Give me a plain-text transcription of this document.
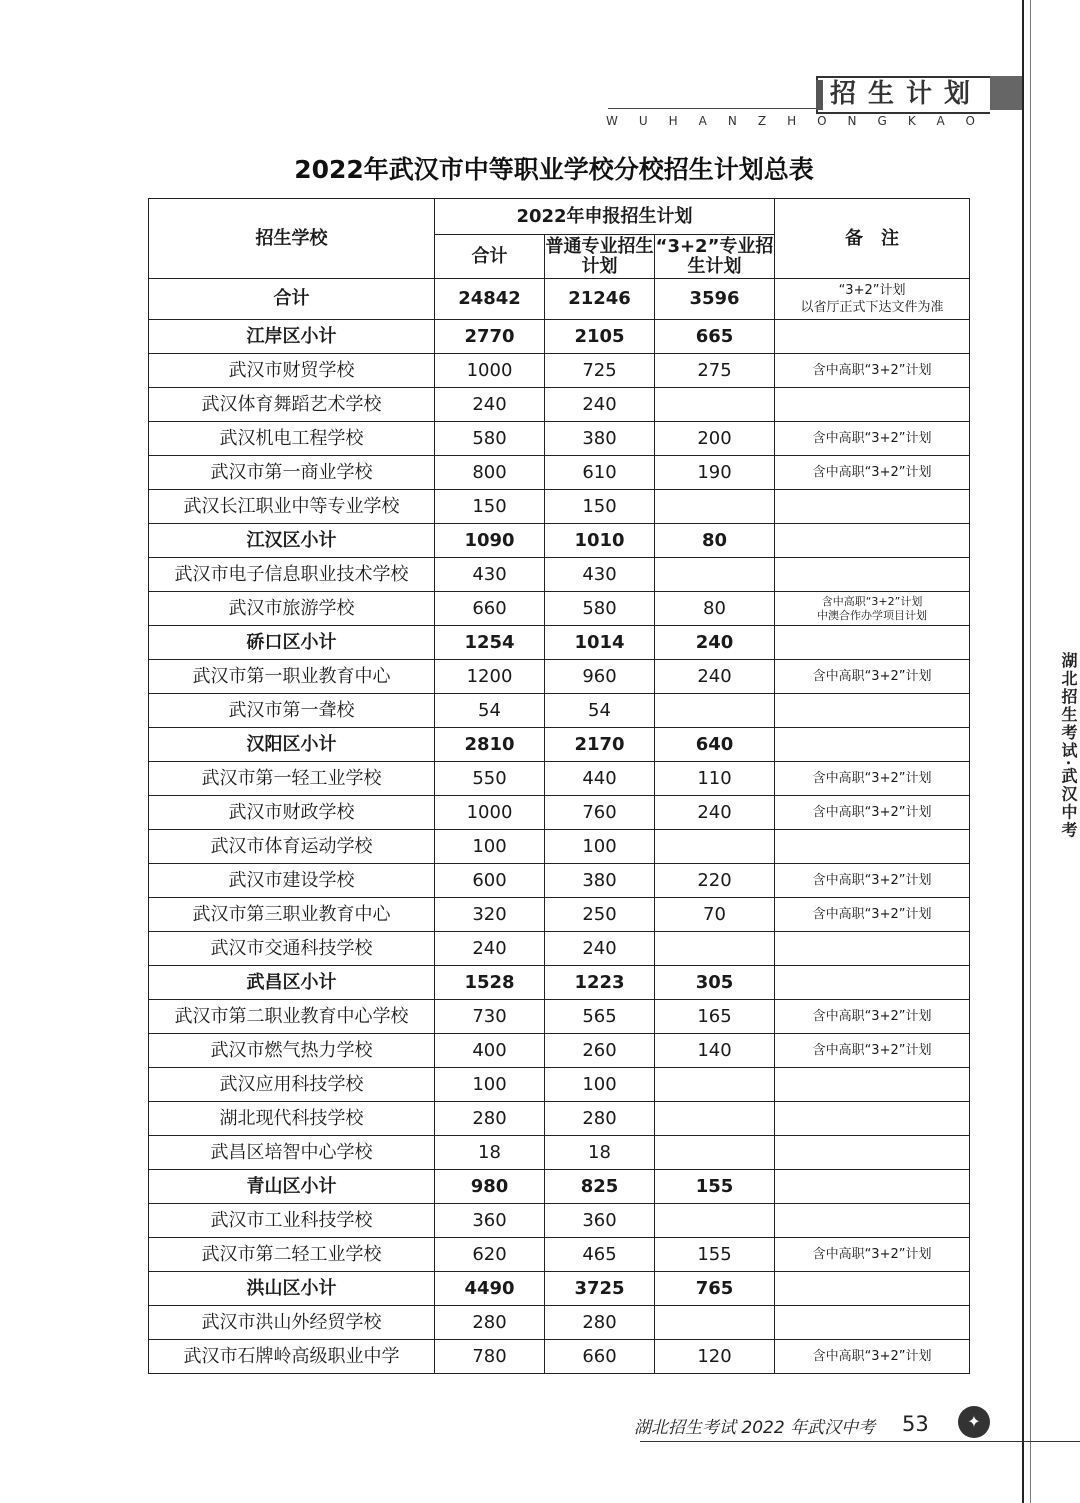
招生计划
WUHANZHONGKAO
2022年武汉市中等职业学校分校招生计划总表
招生学校	2022年申报招生计划			备　注
	合计	普通专业招生计划	“3+2”专业招生计划	
合计	24842	21246	3596	“3+2”计划
以省厅正式下达文件为准

江岸区小计	2770	2105	665	

武汉市财贸学校	1000	725	275	含中高职“3+2”计划

武汉体育舞蹈艺术学校	240	240		

武汉机电工程学校	580	380	200	含中高职“3+2”计划

武汉市第一商业学校	800	610	190	含中高职“3+2”计划

武汉长江职业中等专业学校	150	150		

江汉区小计	1090	1010	80	

武汉市电子信息职业技术学校	430	430		

武汉市旅游学校	660	580	80	含中高职“3+2”计划
中澳合作办学项目计划

硚口区小计	1254	1014	240	

武汉市第一职业教育中心	1200	960	240	含中高职“3+2”计划

武汉市第一聋校	54	54		

汉阳区小计	2810	2170	640	

武汉市第一轻工业学校	550	440	110	含中高职“3+2”计划

武汉市财政学校	1000	760	240	含中高职“3+2”计划

武汉市体育运动学校	100	100		

武汉市建设学校	600	380	220	含中高职“3+2”计划

武汉市第三职业教育中心	320	250	70	含中高职“3+2”计划

武汉市交通科技学校	240	240		

武昌区小计	1528	1223	305	

武汉市第二职业教育中心学校	730	565	165	含中高职“3+2”计划

武汉市燃气热力学校	400	260	140	含中高职“3+2”计划

武汉应用科技学校	100	100		

湖北现代科技学校	280	280		

武昌区培智中心学校	18	18		

青山区小计	980	825	155	

武汉市工业科技学校	360	360		

武汉市第二轻工业学校	620	465	155	含中高职“3+2”计划

洪山区小计	4490	3725	765	

武汉市洪山外经贸学校	280	280		

武汉市石牌岭高级职业中学	780	660	120	含中高职“3+2”计划
湖北招生考试·武汉中考
湖北招生考试 2022 年武汉中考 53	✦
